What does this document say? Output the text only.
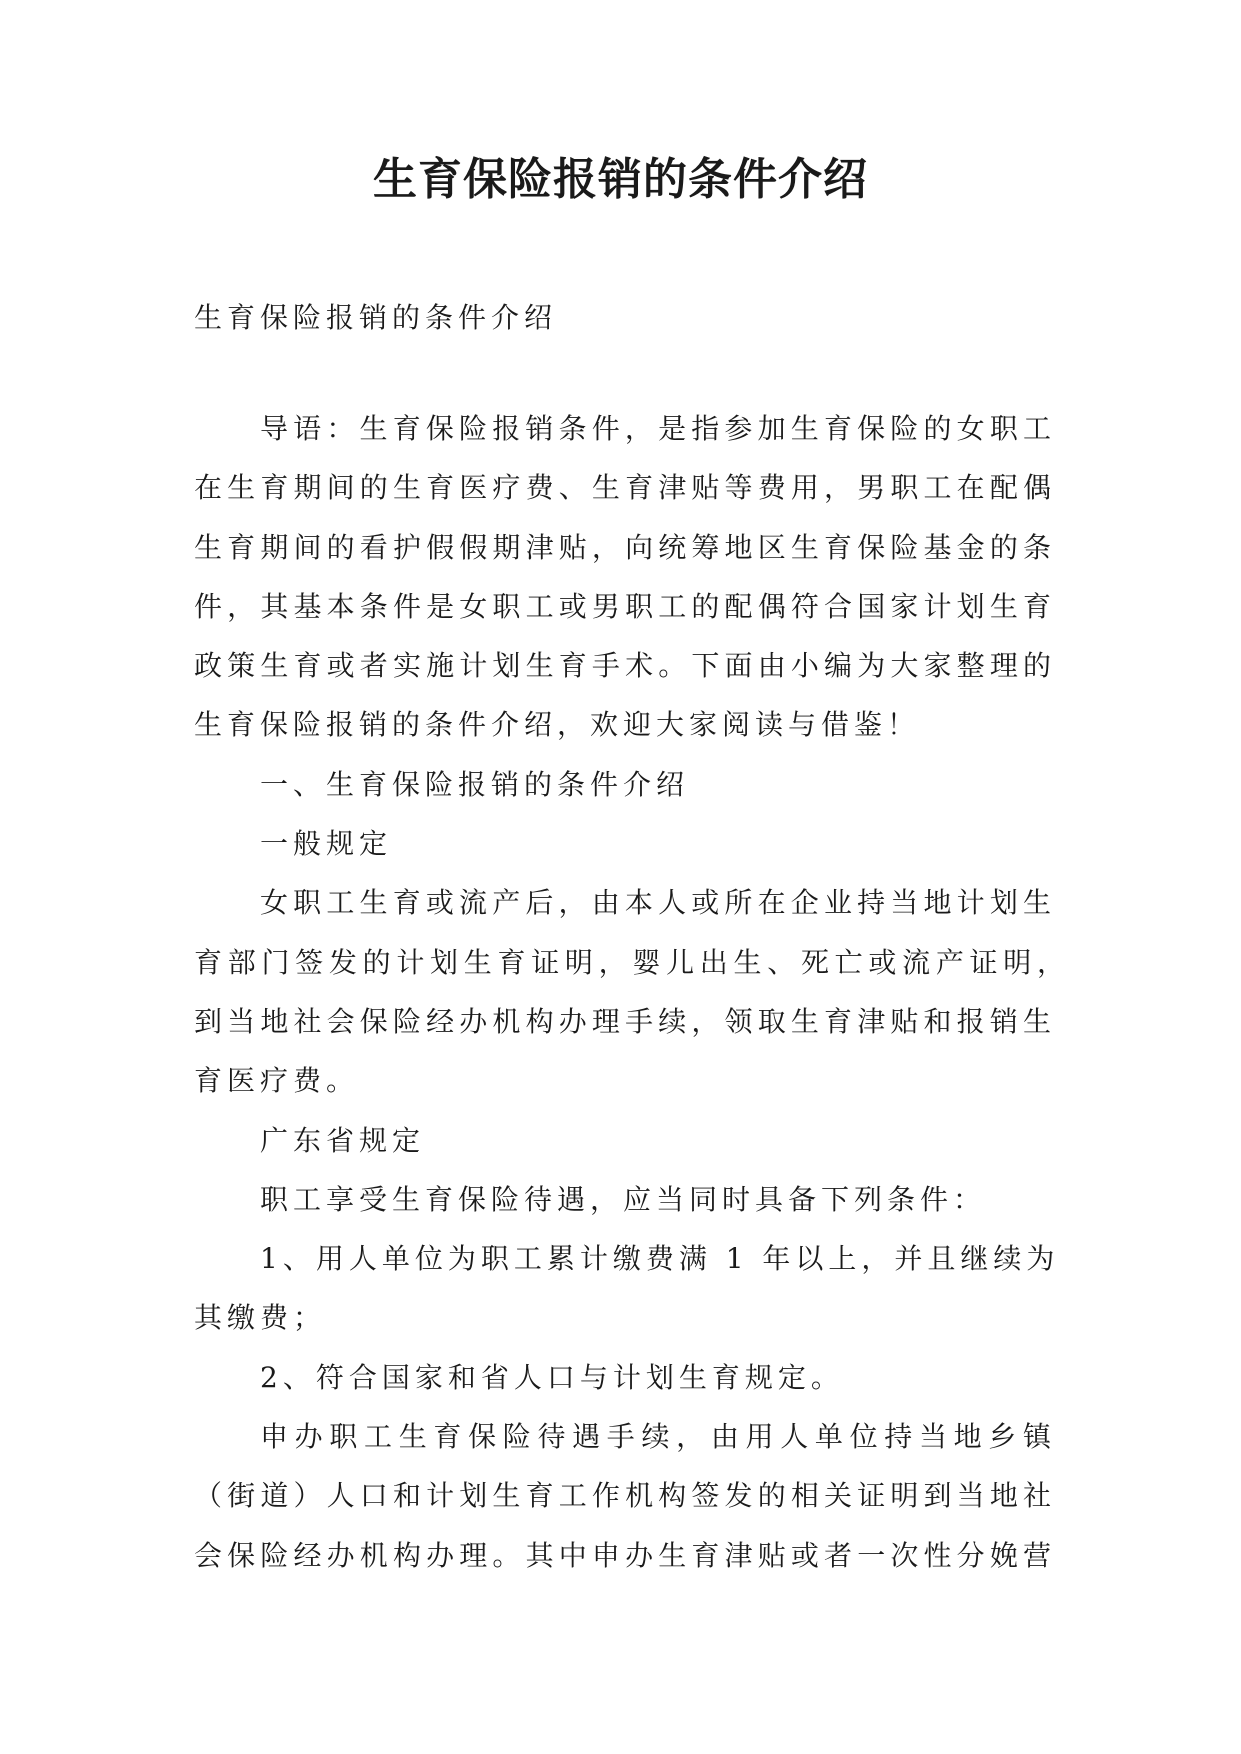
生育保险报销的条件介绍
生育保险报销的条件介绍
导语：生育保险报销条件，是指参加生育保险的女职工
在生育期间的生育医疗费、生育津贴等费用，男职工在配偶
生育期间的看护假假期津贴，向统筹地区生育保险基金的条
件，其基本条件是女职工或男职工的配偶符合国家计划生育
政策生育或者实施计划生育手术。下面由小编为大家整理的
生育保险报销的条件介绍，欢迎大家阅读与借鉴！
一、生育保险报销的条件介绍
一般规定
女职工生育或流产后，由本人或所在企业持当地计划生
育部门签发的计划生育证明，婴儿出生、死亡或流产证明，
到当地社会保险经办机构办理手续，领取生育津贴和报销生
育医疗费。
广东省规定
职工享受生育保险待遇，应当同时具备下列条件：
1、用人单位为职工累计缴费满 1 年以上，并且继续为
其缴费；
2、符合国家和省人口与计划生育规定。
申办职工生育保险待遇手续，由用人单位持当地乡镇
（街道）人口和计划生育工作机构签发的相关证明到当地社
会保险经办机构办理。其中申办生育津贴或者一次性分娩营
